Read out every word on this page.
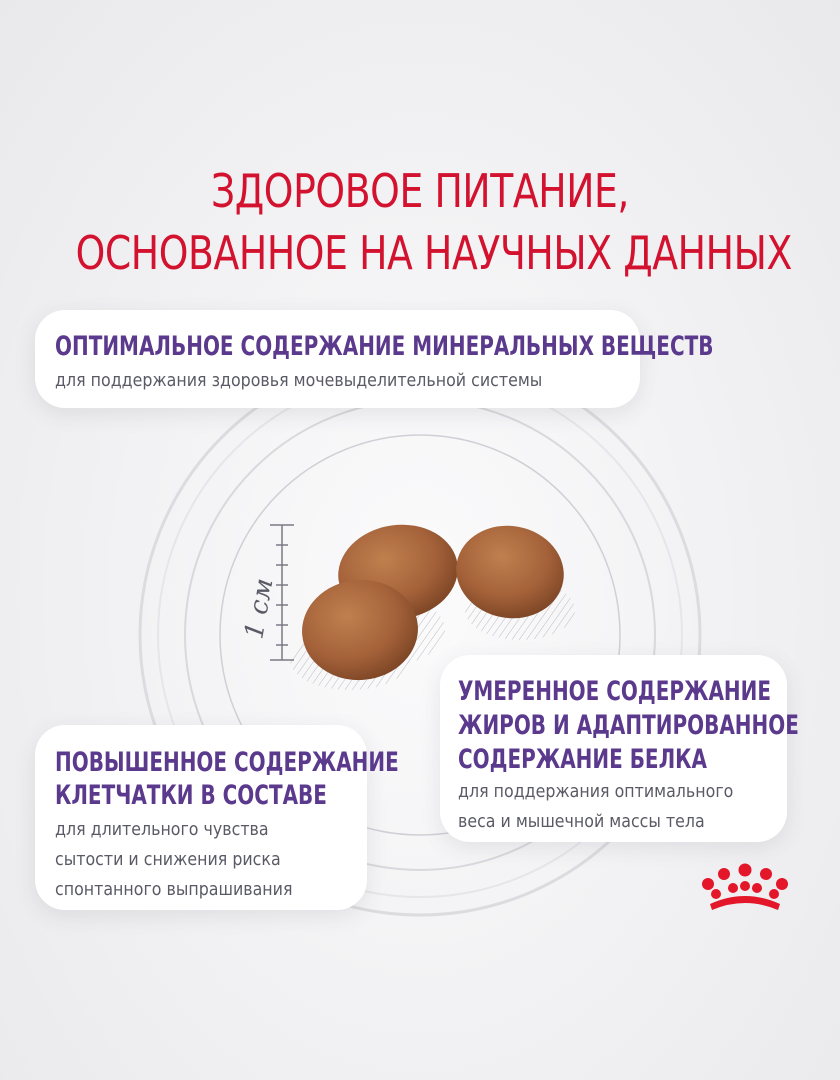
1 см
ЗДОРОВОЕ ПИТАНИЕ,
ОСНОВАННОЕ НА НАУЧНЫХ ДАННЫХ
ОПТИМАЛЬНОЕ СОДЕРЖАНИЕ МИНЕРАЛЬНЫХ ВЕЩЕСТВ
для поддержания здоровья мочевыделительной системы
ПОВЫШЕННОЕ СОДЕРЖАНИЕ
КЛЕТЧАТКИ В СОСТАВЕ
для длительного чувства
сытости и снижения риска
спонтанного выпрашивания
УМЕРЕННОЕ СОДЕРЖАНИЕ
ЖИРОВ И АДАПТИРОВАННОЕ
СОДЕРЖАНИЕ БЕЛКА
для поддержания оптимального
веса и мышечной массы тела
